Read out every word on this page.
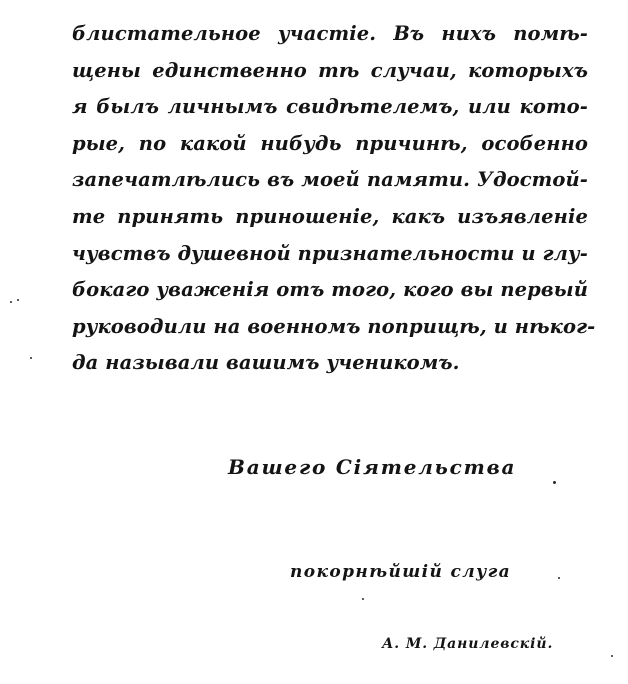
блистательное участіе. Въ нихъ помѣ-
щены единственно тѣ случаи, которыхъ
я былъ личнымъ свидѣтелемъ, или кото-
рые, по какой нибудь причинѣ, особенно
запечатлѣлись въ моей памяти. Удостой-
те принять приношеніе, какъ изъявленіе
чувствъ душевной признательности и глу-
бокаго уваженія отъ того, кого вы первый
руководили на военномъ поприщѣ, и нѣког-
да называли вашимъ ученикомъ.
Вашего Сіятельства
покорнѣйшій слуга
А. М. Данилевскій.
